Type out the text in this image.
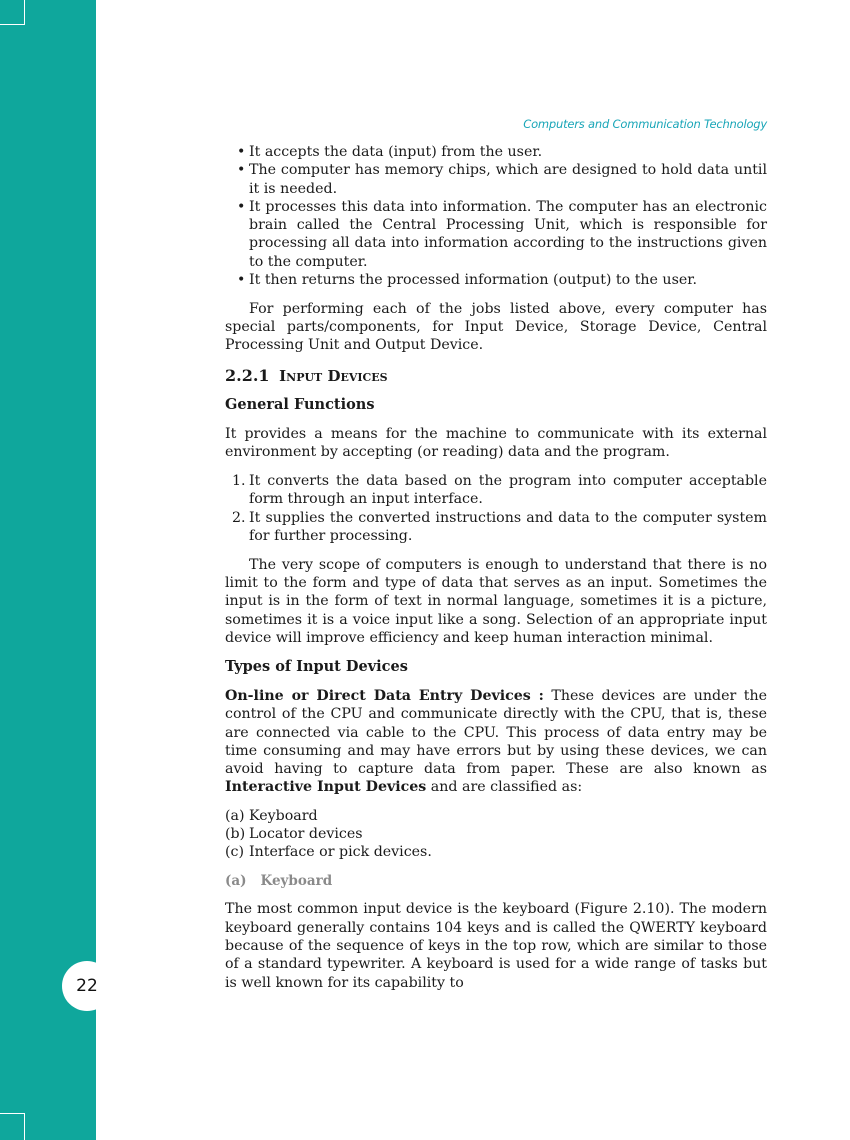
22
Computers and Communication Technology
• It accepts the data (input) from the user.
• The computer has memory chips, which are designed to hold data until it is needed.
• It processes this data into information. The computer has an electronic brain called the Central Processing Unit, which is responsible for processing all data into information according to the instructions given to the computer.
• It then returns the processed information (output) to the user.

For performing each of the jobs listed above, every computer has special parts/components, for Input Device, Storage Device, Central Processing Unit and Output Device.

2.2.1 Input Devices
General Functions

It provides a means for the machine to communicate with its external environment by accepting (or reading) data and the program.

1. It converts the data based on the program into computer acceptable form through an input interface.
2. It supplies the converted instructions and data to the computer system for further processing.

The very scope of computers is enough to understand that there is no limit to the form and type of data that serves as an input. Sometimes the input is in the form of text in normal language, sometimes it is a picture, sometimes it is a voice input like a song. Selection of an appropriate input device will improve efficiency and keep human interaction minimal.

Types of Input Devices

On-line or Direct Data Entry Devices : These devices are under the control of the CPU and communicate directly with the CPU, that is, these are connected via cable to the CPU. This process of data entry may be time consuming and may have errors but by using these devices, we can avoid having to capture data from paper. These are also known as Interactive Input Devices and are classified as:

(a) Keyboard
(b) Locator devices
(c) Interface or pick devices.
(a) Keyboard

The most common input device is the keyboard (Figure 2.10). The modern keyboard generally contains 104 keys and is called the QWERTY keyboard because of the sequence of keys in the top row, which are similar to those of a standard typewriter. A keyboard is used for a wide range of tasks but is well known for its capability to
